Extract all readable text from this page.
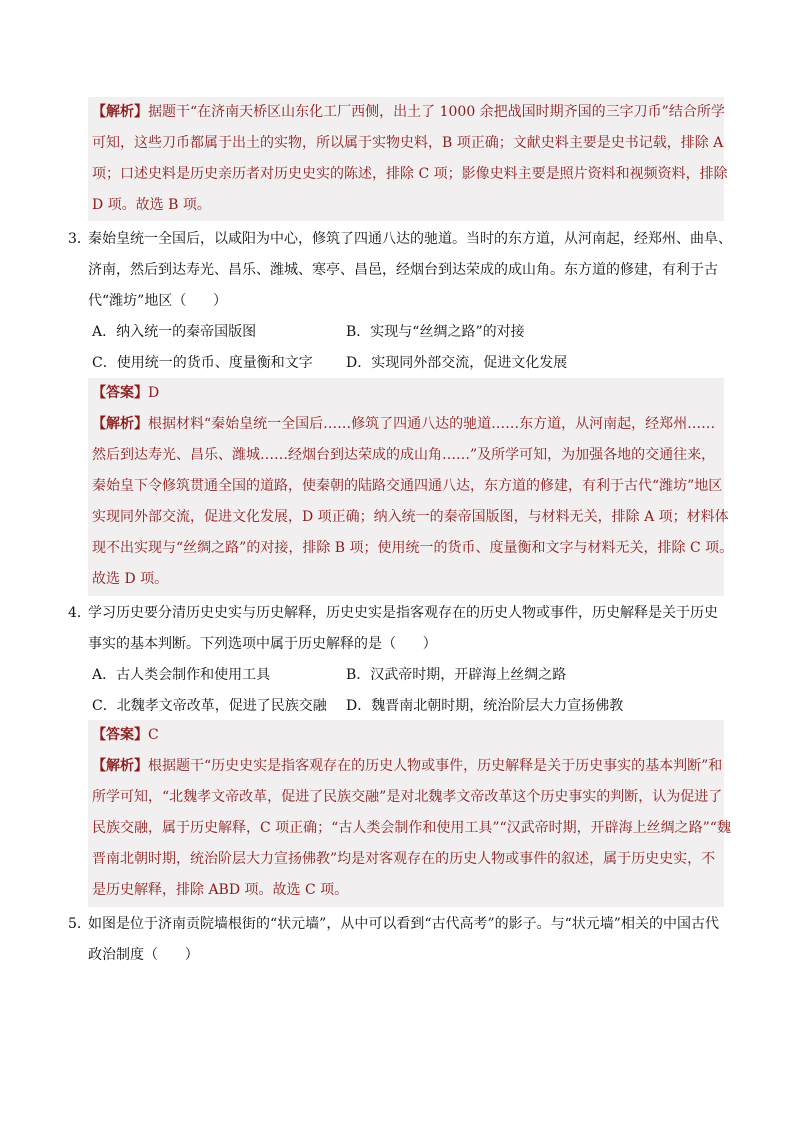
【解析】据题干“在济南天桥区山东化工厂西侧，出土了 1000 余把战国时期齐国的三字刀币”结合所学

可知，这些刀币都属于出土的实物，所以属于实物史料，B 项正确；文献史料主要是史书记载，排除 A

项；口述史料是历史亲历者对历史史实的陈述，排除 C 项；影像史料主要是照片资料和视频资料，排除

D 项。故选 B 项。

3．秦始皇统一全国后，以咸阳为中心，修筑了四通八达的驰道。当时的东方道，从河南起，经郑州、曲阜、

济南，然后到达寿光、昌乐、潍城、寒亭、昌邑，经烟台到达荣成的成山角。东方道的修建，有利于古

代“潍坊”地区（      ）

A．纳入统一的秦帝国版图	B．实现与“丝绸之路”的对接
C．使用统一的货币、度量衡和文字 D．实现同外部交流，促进文化发展

【答案】D

【解析】根据材料“秦始皇统一全国后……修筑了四通八达的驰道……东方道，从河南起，经郑州……

然后到达寿光、昌乐、潍城……经烟台到达荣成的成山角……”及所学可知，为加强各地的交通往来，

秦始皇下令修筑贯通全国的道路，使秦朝的陆路交通四通八达，东方道的修建，有利于古代“潍坊”地区

实现同外部交流，促进文化发展，D 项正确；纳入统一的秦帝国版图，与材料无关，排除 A 项；材料体

现不出实现与“丝绸之路”的对接，排除 B 项；使用统一的货币、度量衡和文字与材料无关，排除 C 项。

故选 D 项。

4．学习历史要分清历史史实与历史解释，历史史实是指客观存在的历史人物或事件，历史解释是关于历史

事实的基本判断。下列选项中属于历史解释的是（      ）

A．古人类会制作和使用工具	B．汉武帝时期，开辟海上丝绸之路
C．北魏孝文帝改革，促进了民族交融 D．魏晋南北朝时期，统治阶层大力宣扬佛教

【答案】C

【解析】根据题干“历史史实是指客观存在的历史人物或事件，历史解释是关于历史事实的基本判断”和

所学可知，“北魏孝文帝改革，促进了民族交融”是对北魏孝文帝改革这个历史事实的判断，认为促进了

民族交融，属于历史解释，C 项正确；“古人类会制作和使用工具”“汉武帝时期，开辟海上丝绸之路”“魏

晋南北朝时期，统治阶层大力宣扬佛教”均是对客观存在的历史人物或事件的叙述，属于历史史实，不

是历史解释，排除 ABD 项。故选 C 项。

5．如图是位于济南贡院墙根街的“状元墙”，从中可以看到“古代高考”的影子。与“状元墙”相关的中国古代

政治制度（      ）
